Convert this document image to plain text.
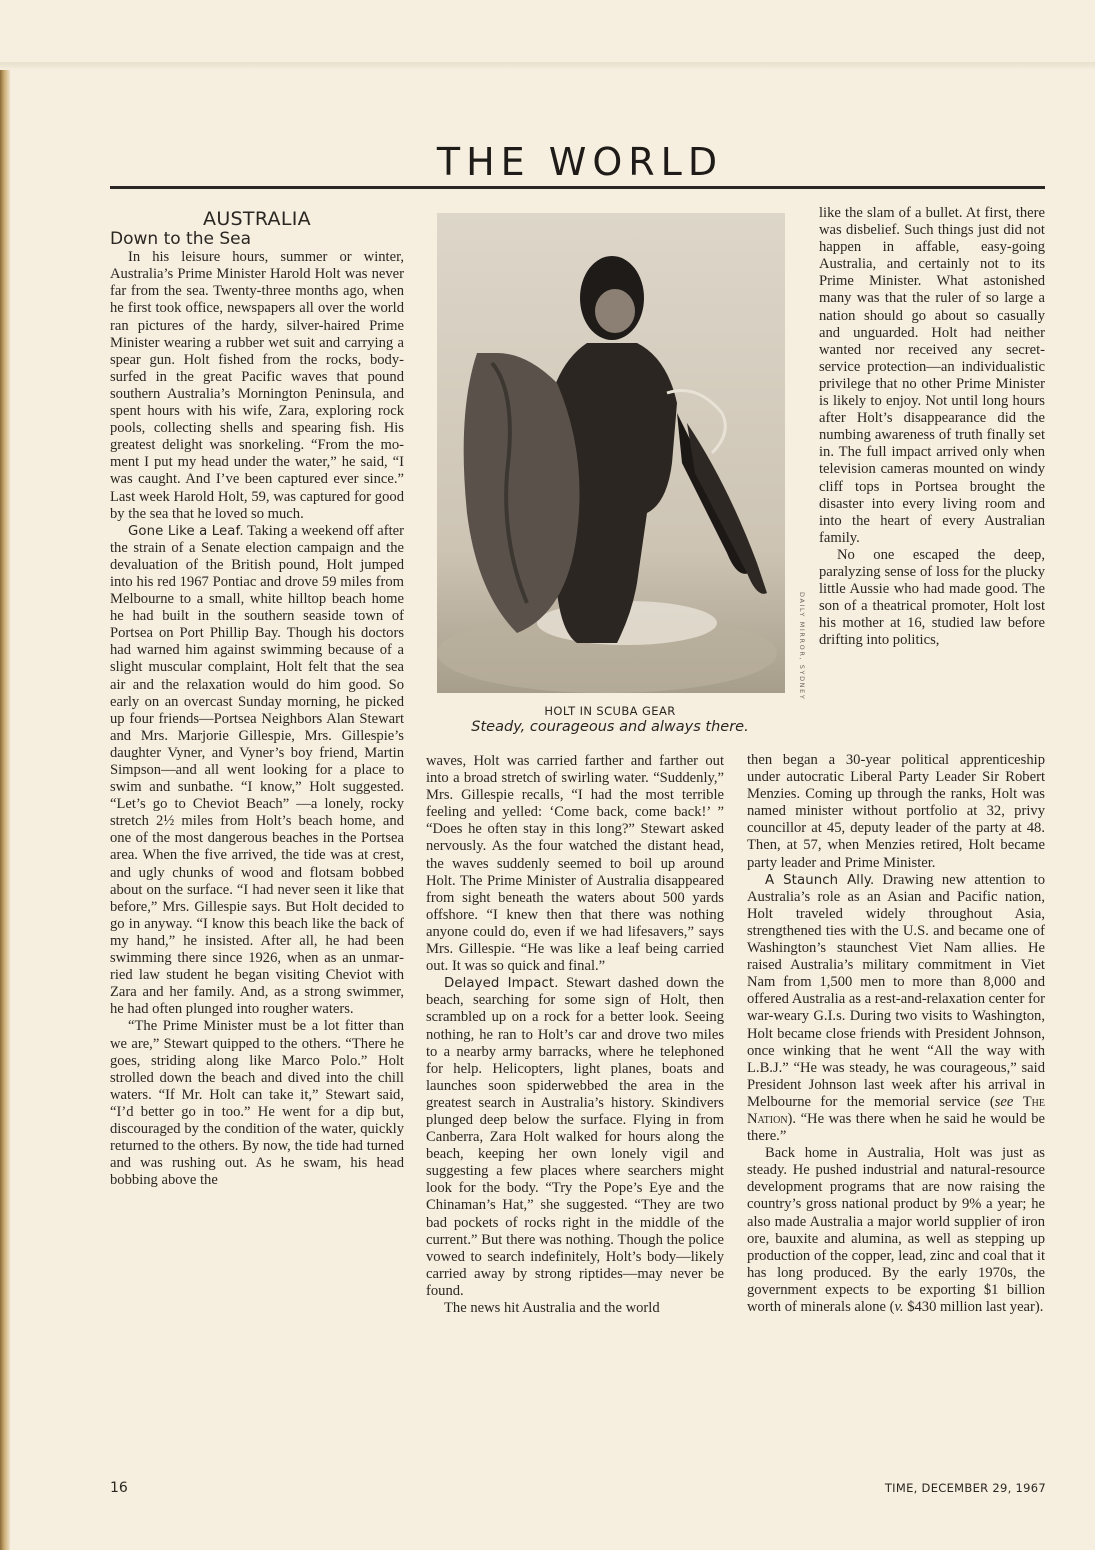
THE WORLD
AUSTRALIA
Down to the Sea

In his leisure hours, summer or winter, Australia’s Prime Minister Harold Holt was never far from the sea. Twenty-three months ago, when he first took office, newspapers all over the world ran pictures of the hardy, silver-haired Prime Minister wearing a rubber wet suit and carrying a spear gun. Holt fished from the rocks, body-surfed in the great Pacific waves that pound southern Australia’s Mornington Peninsula, and spent hours with his wife, Zara, exploring rock pools, collecting shells and spearing fish. His greatest delight was snorkeling. “From the moment I put my head under the water,” he said, “I was caught. And I’ve been captured ever since.” Last week Harold Holt, 59, was captured for good by the sea that he loved so much.

Gone Like a Leaf. Taking a weekend off after the strain of a Senate election campaign and the devaluation of the British pound, Holt jumped into his red 1967 Pontiac and drove 59 miles from Melbourne to a small, white hilltop beach home he had built in the southern seaside town of Portsea on Port Phillip Bay. Though his doctors had warned him against swimming because of a slight muscular complaint, Holt felt that the sea air and the relaxation would do him good. So early on an overcast Sunday morning, he picked up four friends—Portsea Neighbors Alan Stewart and Mrs. Marjorie Gillespie, Mrs. Gillespie’s daughter Vyner, and Vyner’s boy friend, Martin Simpson—and all went looking for a place to swim and sunbathe. “I know,” Holt suggested. “Let’s go to Cheviot Beach” —a lonely, rocky stretch 2½ miles from Holt’s beach home, and one of the most dangerous beaches in the Portsea area. When the five arrived, the tide was at crest, and ugly chunks of wood and flotsam bobbed about on the surface. “I had never seen it like that before,” Mrs. Gillespie says. But Holt decided to go in anyway. “I know this beach like the back of my hand,” he insisted. After all, he had been swimming there since 1926, when as an unmarried law student he began visiting Cheviot with Zara and her family. And, as a strong swimmer, he had often plunged into rougher waters.

“The Prime Minister must be a lot fitter than we are,” Stewart quipped to the others. “There he goes, striding along like Marco Polo.” Holt strolled down the beach and dived into the chill waters. “If Mr. Holt can take it,” Stewart said, “I’d better go in too.” He went for a dip but, discouraged by the condition of the water, quickly returned to the others. By now, the tide had turned and was rushing out. As he swam, his head bobbing above the

DAILY MIRROR, SYDNEY
HOLT IN SCUBA GEAR
Steady, courageous and always there.

waves, Holt was carried farther and farther out into a broad stretch of swirling water. “Suddenly,” Mrs. Gillespie recalls, “I had the most terrible feeling and yelled: ‘Come back, come back!’ ” “Does he often stay in this long?” Stewart asked nervously. As the four watched the distant head, the waves suddenly seemed to boil up around Holt. The Prime Minister of Australia disappeared from sight beneath the waters about 500 yards offshore. “I knew then that there was nothing anyone could do, even if we had lifesavers,” says Mrs. Gillespie. “He was like a leaf being carried out. It was so quick and final.”

Delayed Impact. Stewart dashed down the beach, searching for some sign of Holt, then scrambled up on a rock for a better look. Seeing nothing, he ran to Holt’s car and drove two miles to a nearby army barracks, where he telephoned for help. Helicopters, light planes, boats and launches soon spiderwebbed the area in the greatest search in Australia’s history. Skindivers plunged deep below the surface. Flying in from Canberra, Zara Holt walked for hours along the beach, keeping her own lonely vigil and suggesting a few places where searchers might look for the body. “Try the Pope’s Eye and the Chinaman’s Hat,” she suggested. “They are two bad pockets of rocks right in the middle of the current.” But there was nothing. Though the police vowed to search indefinitely, Holt’s body—likely carried away by strong riptides—may never be found.

The news hit Australia and the world

like the slam of a bullet. At first, there was disbelief. Such things just did not happen in affable, easy-going Australia, and certainly not to its Prime Minister. What astonished many was that the ruler of so large a nation should go about so casually and unguarded. Holt had neither wanted nor received any secret-service protection—an individualistic privilege that no other Prime Minister is likely to enjoy. Not until long hours after Holt’s disappearance did the numbing awareness of truth finally set in. The full impact arrived only when television cameras mounted on windy cliff tops in Portsea brought the disaster into every living room and into the heart of every Australian family.

No one escaped the deep, paralyzing sense of loss for the plucky little Aussie who had made good. The son of a theatrical promoter, Holt lost his mother at 16, studied law before drifting into politics,

then began a 30-year political apprenticeship under autocratic Liberal Party Leader Sir Robert Menzies. Coming up through the ranks, Holt was named minister without portfolio at 32, privy councillor at 45, deputy leader of the party at 48. Then, at 57, when Menzies retired, Holt became party leader and Prime Minister.

A Staunch Ally. Drawing new attention to Australia’s role as an Asian and Pacific nation, Holt traveled widely throughout Asia, strengthened ties with the U.S. and became one of Washington’s staunchest Viet Nam allies. He raised Australia’s military commitment in Viet Nam from 1,500 men to more than 8,000 and offered Australia as a rest-and-relaxation center for war-weary G.I.s. During two visits to Washington, Holt became close friends with President Johnson, once winking that he went “All the way with L.B.J.” “He was steady, he was courageous,” said President Johnson last week after his arrival in Melbourne for the memorial service (see The Nation). “He was there when he said he would be there.”

Back home in Australia, Holt was just as steady. He pushed industrial and natural-resource development programs that are now raising the country’s gross national product by 9% a year; he also made Australia a major world supplier of iron ore, bauxite and alumina, as well as stepping up production of the copper, lead, zinc and coal that it has long produced. By the early 1970s, the government expects to be exporting $1 billion worth of minerals alone (v. $430 million last year).

16	TIME, DECEMBER 29, 1967
